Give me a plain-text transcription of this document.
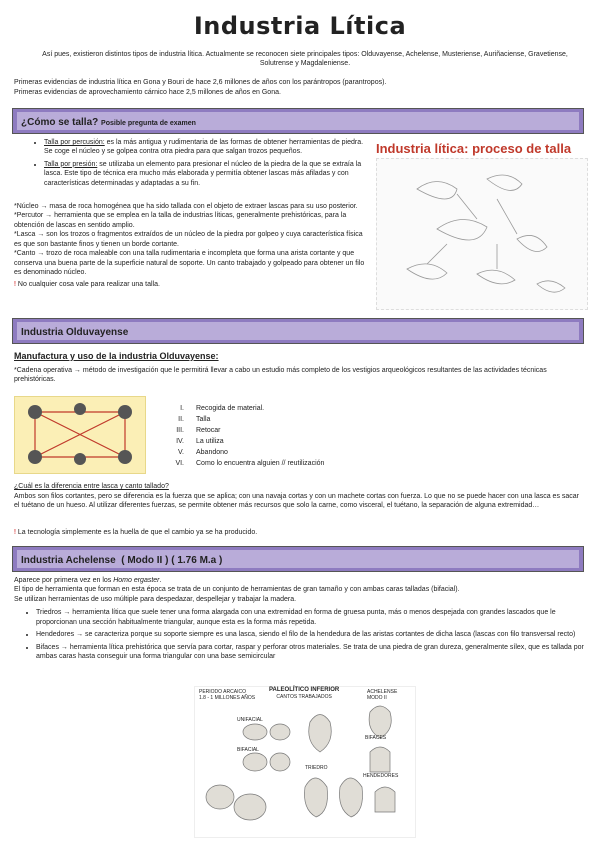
Industria Lítica
Así pues, existieron distintos tipos de industria lítica. Actualmente se reconocen siete principales tipos: Olduvayense, Achelense, Musteriense, Auriñaciense, Gravetiense, Solutrense y Magdaleniense.
Primeras evidencias de industria lítica en Gona y Bouri de hace 2,6 millones de años con los parántropos (parantropos).
Primeras evidencias de aprovechamiento cárnico hace 2,5 millones de años en Gona.
¿Cómo se talla? Posible pregunta de examen
• Talla por percusión: es la más antigua y rudimentaria de las formas de obtener herramientas de piedra. Se coge el núcleo y se golpea contra otra piedra para que salgan trozos pequeños.
• Talla por presión: se utilizaba un elemento para presionar el núcleo de la piedra de la que se extraía la lasca. Este tipo de técnica era mucho más elaborada y permitía obtener lascas más afiladas y con características determinadas y adaptadas a su fin.
Industria lítica: proceso de talla
*Núcleo → masa de roca homogénea que ha sido tallada con el objeto de extraer lascas para su uso posterior.
*Percutor → herramienta que se emplea en la talla de industrias líticas, generalmente prehistóricas, para la obtención de lascas en sentido amplio.
*Lasca → son los trozos o fragmentos extraídos de un núcleo de la piedra por golpeo y cuya característica física es que son bastante finos y tienen un borde cortante.
*Canto → trozo de roca maleable con una talla rudimentaria e incompleta que forma una arista cortante y que conserva una buena parte de la superficie natural de soporte. Un canto trabajado y golpeado para obtener un filo es denominado núcleo.
! No cualquier cosa vale para realizar una talla.
Industria Olduvayense
Manufactura y uso de la industria Olduvayense:
*Cadena operativa → método de investigación que le permitirá llevar a cabo un estudio más completo de los vestigios arqueológicos resultantes de las actividades técnicas prehistóricas.
I.	Recogida de material.
II.	Talla
III.	Retocar
IV.	La utiliza
V.	Abandono
VI.	Como lo encuentra alguien // reutilización
¿Cuál es la diferencia entre lasca y canto tallado?
Ambos son filos cortantes, pero se diferencia es la fuerza que se aplica; con una navaja cortas y con un machete cortas con fuerza. Lo que no se puede hacer con una lasca es sacar el tuétano de un hueso. Al utilizar diferentes fuerzas, se permite obtener más recursos que solo la carne, como visceral, el tuétano, la separación de alguna extremidad…
! La tecnología simplemente es la huella de que el cambio ya se ha producido.
Industria Achelense ( Modo II ) ( 1.76 M.a )
Aparece por primera vez en los Homo ergaster.
El tipo de herramienta que forman en esta época se trata de un conjunto de herramientas de gran tamaño y con ambas caras talladas (bifacial).
Se utilizan herramientas de uso múltiple para despedazar, despellejar y trabajar la madera.
• Triedros → herramienta lítica que suele tener una forma alargada con una extremidad en forma de gruesa punta, más o menos despejada con grandes lascados que le proporcionan una sección habitualmente triangular, aunque esta es la forma más repetida.
• Hendedores → se caracteriza porque su soporte siempre es una lasca, siendo el filo de la hendedura de las aristas cortantes de dicha lasca (lascas con filo transversal recto)
• Bifaces → herramienta lítica prehistórica que servía para cortar, raspar y perforar otros materiales. Se trata de una piedra de gran dureza, generalmente sílex, que es tallada por ambas caras hasta conseguir una forma triangular con una base semicircular
PERIODO ARCAICO
1.8 - 1 MILLONES AÑOS
PALEOLÍTICO INFERIOR
CANTOS TRABAJADOS
ACHELENSE
MODO II
UNIFACIAL
BIFACIAL
TRIEDRO
BIFACES
HENDEDORES
